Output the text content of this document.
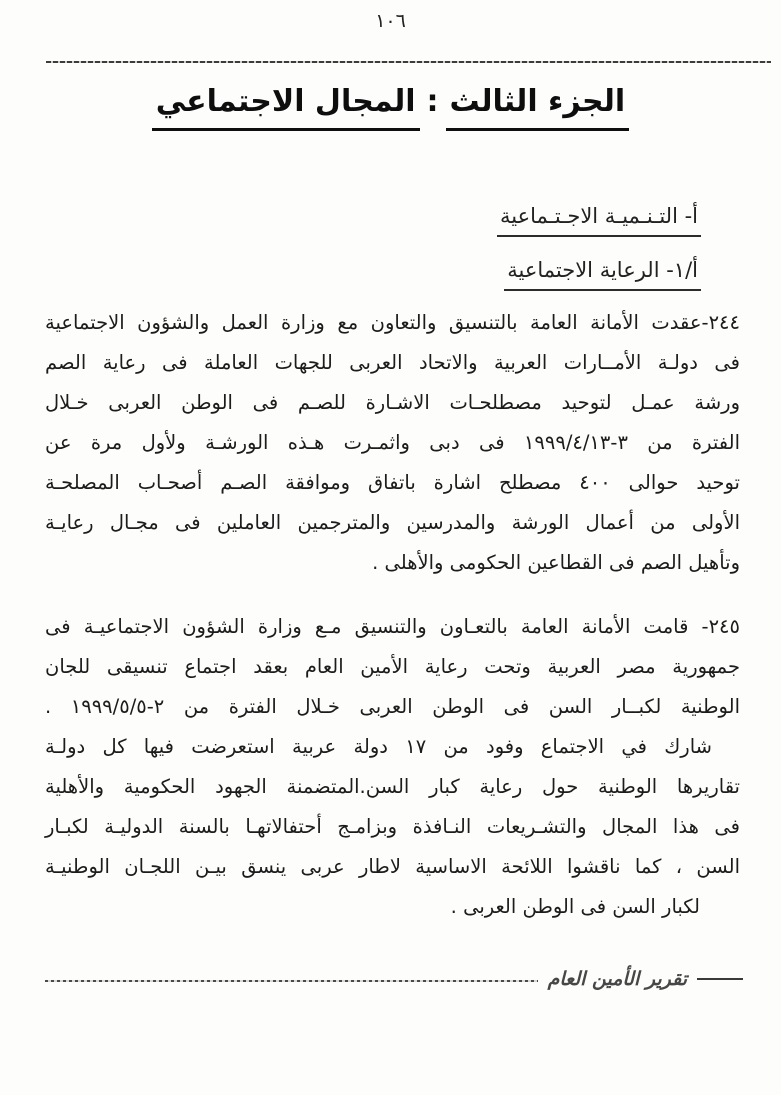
١٠٦
الجزء الثالث:المجال الاجتماعي
أ- التـنـميـة الاجـتـماعية
أ/١- الرعاية الاجتماعية
٢٤٤-عقدت الأمانة العامة بالتنسيق والتعاون مع وزارة العمل والشؤون الاجتماعية
فى دولـة الأمــارات العربية والاتحاد العربى للجهات العاملة فى رعاية الصم
ورشة عمـل لتوحيد مصطلحـات الاشـارة للصـم فى الوطن العربى خـلال
الفترة من ٣-١٩٩٩/٤/١٣ فى دبى واثمـرت هـذه الورشـة ولأول مرة عن
توحيد حوالى ٤٠٠ مصطلح اشارة باتفاق وموافقة الصـم أصحـاب المصلحـة
الأولى من أعمال الورشة والمدرسين والمترجمين العاملين فى مجـال رعايـة
وتأهيل الصم فى القطاعين الحكومى والأهلى .
٢٤٥- قامت الأمانة العامة بالتعـاون والتنسيق مـع وزارة الشؤون الاجتماعيـة فى
جمهورية مصر العربية وتحت رعاية الأمين العام بعقد اجتماع تنسيقى للجان
الوطنية لكبــار السن فى الوطن العربى خـلال الفترة من ٢-١٩٩٩/٥/٥ .
شارك في الاجتماع وفود من ١٧ دولة عربية استعرضت فيها كل دولـة
تقاريرها الوطنية حول رعاية كبار السن.المتضمنة الجهود الحكومية والأهلية
فى هذا المجال والتشـريعات النـافذة وبزامـج أحتفالاتهـا بالسنة الدوليـة لكبـار
السن ، كما ناقشوا اللائحة الاساسية لاطار عربى ينسق بيـن اللجـان الوطنيـة
لكبار السن فى الوطن العربى .
تقرير الأمين العام
